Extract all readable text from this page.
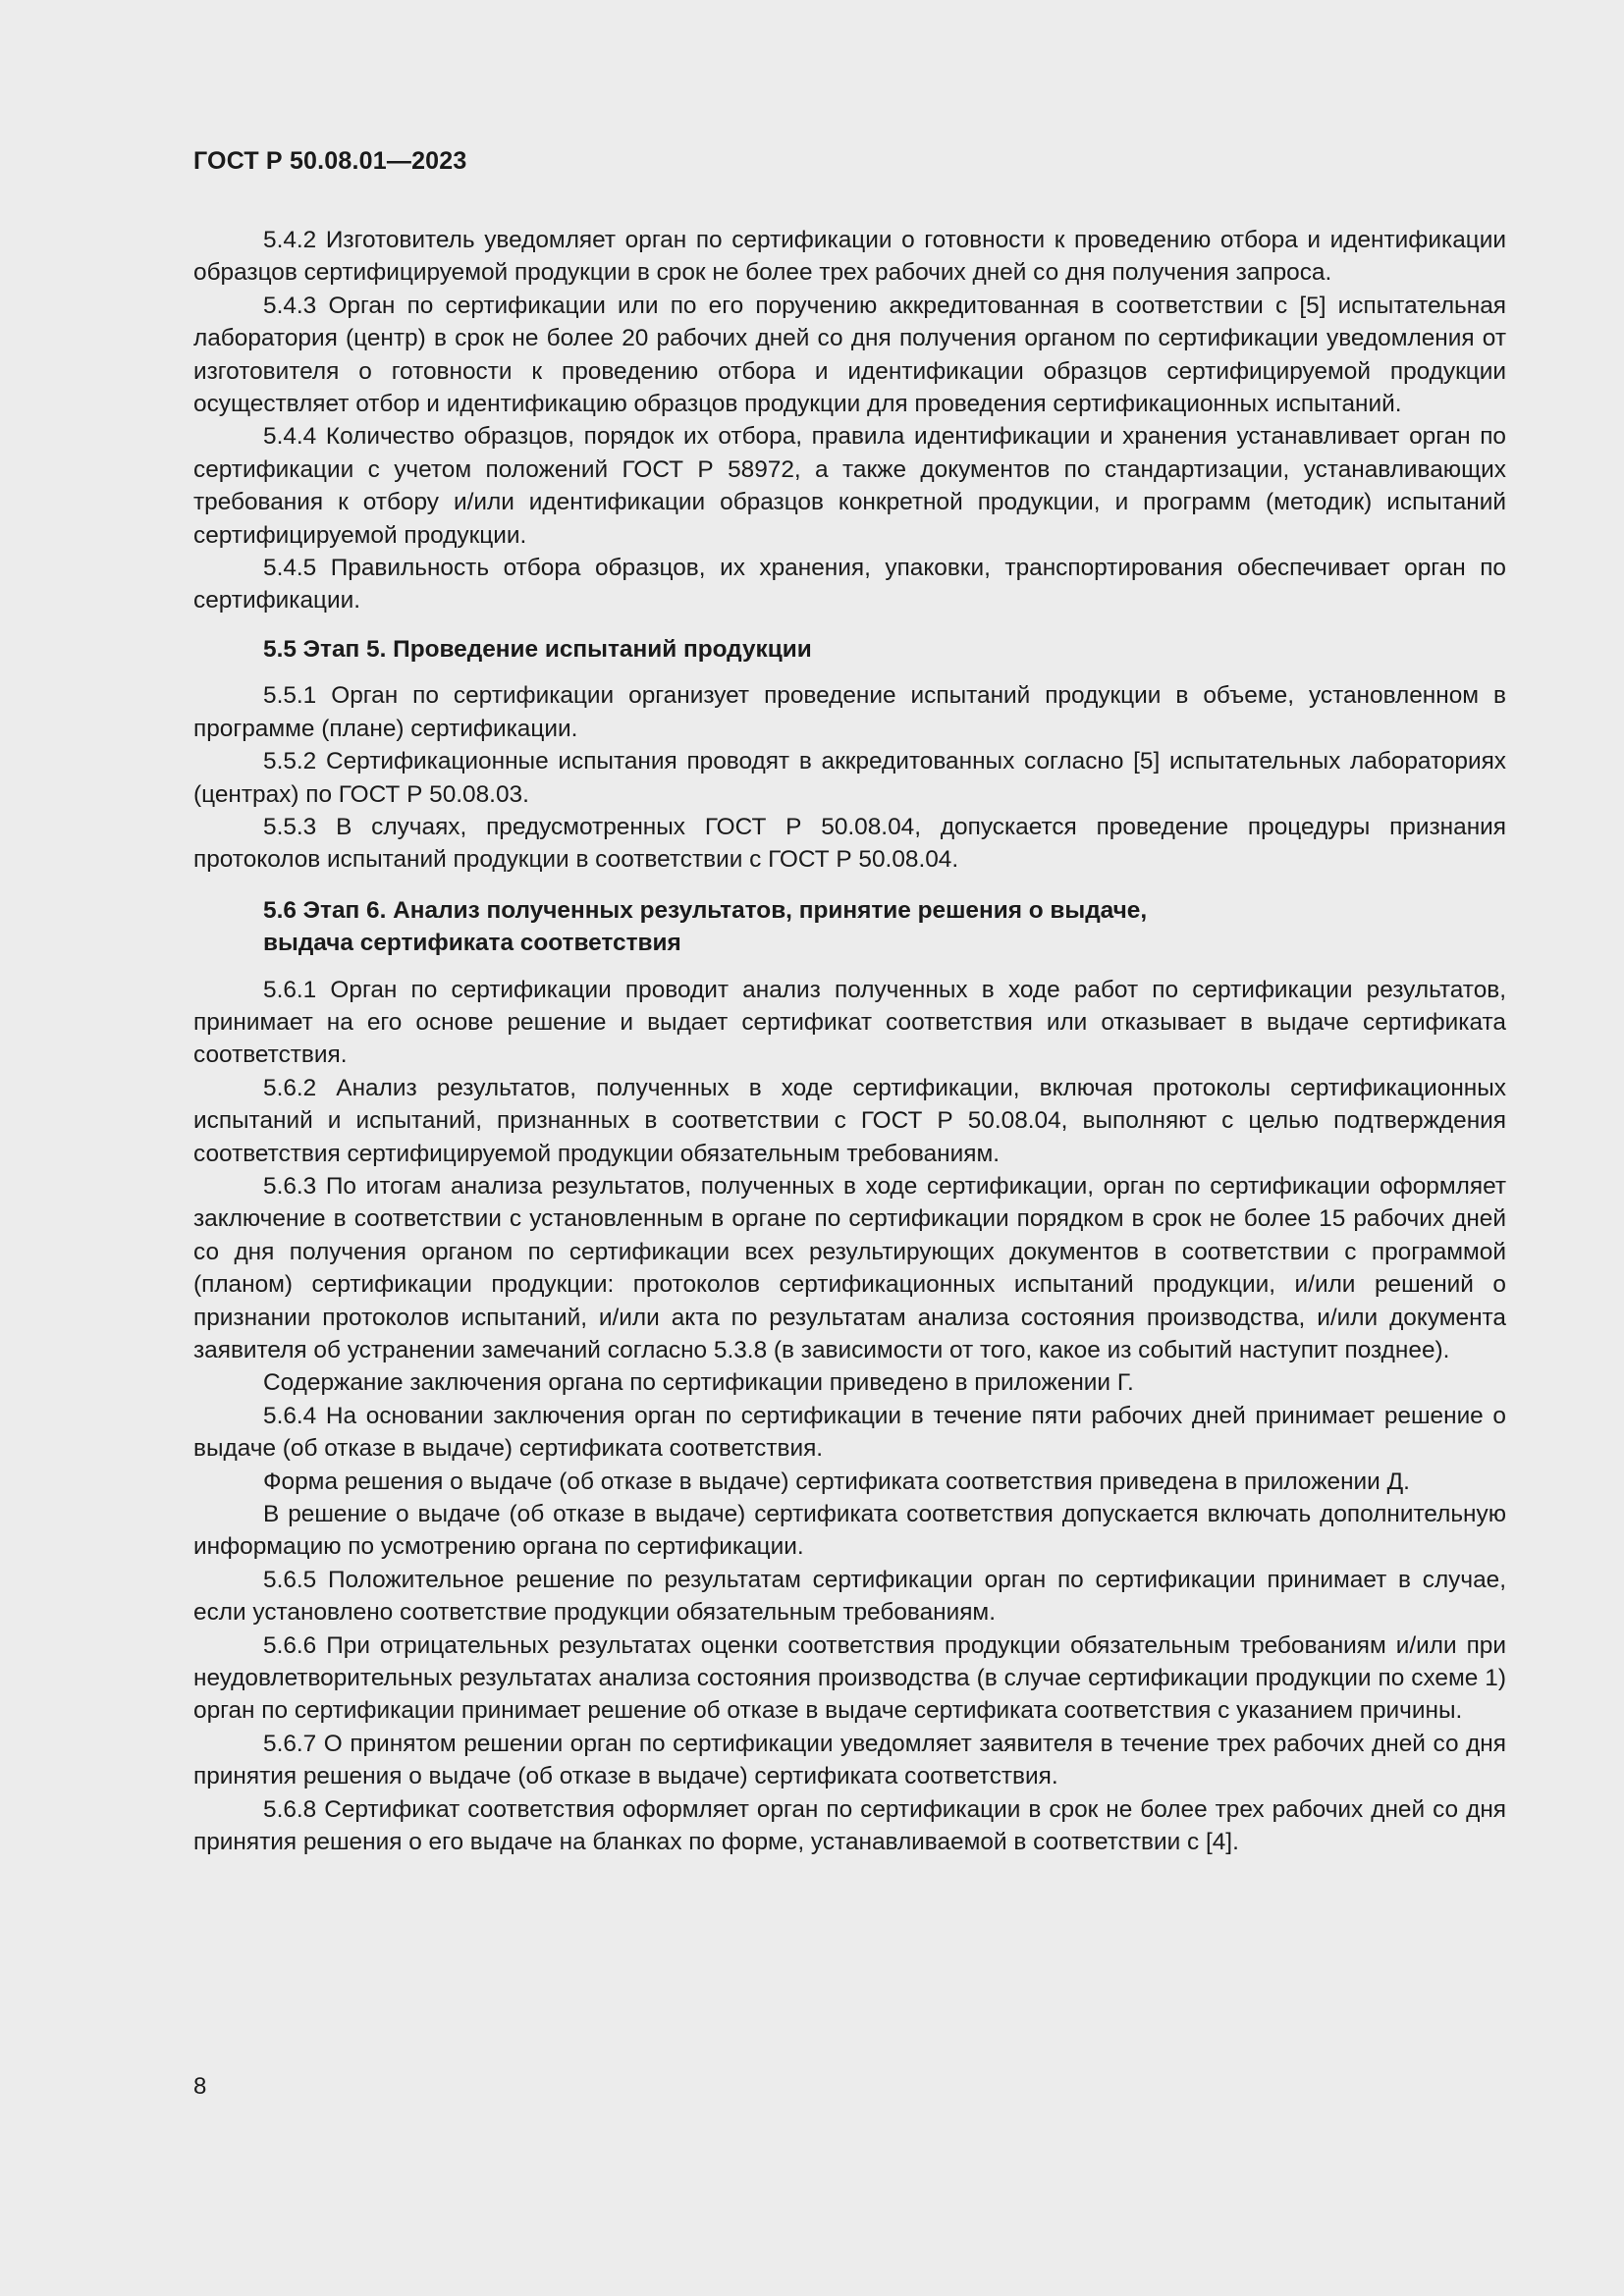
ГОСТ Р 50.08.01—2023

5.4.2 Изготовитель уведомляет орган по сертификации о готовности к проведению отбора и идентификации образцов сертифицируемой продукции в срок не более трех рабочих дней со дня получения запроса.

5.4.3 Орган по сертификации или по его поручению аккредитованная в соответствии с [5] испытательная лаборатория (центр) в срок не более 20 рабочих дней со дня получения органом по сертификации уведомления от изготовителя о готовности к проведению отбора и идентификации образцов сертифицируемой продукции осуществляет отбор и идентификацию образцов продукции для проведения сертификационных испытаний.

5.4.4 Количество образцов, порядок их отбора, правила идентификации и хранения устанавливает орган по сертификации с учетом положений ГОСТ Р 58972, а также документов по стандартизации, устанавливающих требования к отбору и/или идентификации образцов конкретной продукции, и программ (методик) испытаний сертифицируемой продукции.

5.4.5 Правильность отбора образцов, их хранения, упаковки, транспортирования обеспечивает орган по сертификации.

5.5 Этап 5. Проведение испытаний продукции

5.5.1 Орган по сертификации организует проведение испытаний продукции в объеме, установленном в программе (плане) сертификации.

5.5.2 Сертификационные испытания проводят в аккредитованных согласно [5] испытательных лабораториях (центрах) по ГОСТ Р 50.08.03.

5.5.3 В случаях, предусмотренных ГОСТ Р 50.08.04, допускается проведение процедуры признания протоколов испытаний продукции в соответствии с ГОСТ Р 50.08.04.

5.6 Этап 6. Анализ полученных результатов, принятие решения о выдаче,
выдача сертификата соответствия

5.6.1 Орган по сертификации проводит анализ полученных в ходе работ по сертификации результатов, принимает на его основе решение и выдает сертификат соответствия или отказывает в выдаче сертификата соответствия.

5.6.2 Анализ результатов, полученных в ходе сертификации, включая протоколы сертификационных испытаний и испытаний, признанных в соответствии с ГОСТ Р 50.08.04, выполняют с целью подтверждения соответствия сертифицируемой продукции обязательным требованиям.

5.6.3 По итогам анализа результатов, полученных в ходе сертификации, орган по сертификации оформляет заключение в соответствии с установленным в органе по сертификации порядком в срок не более 15 рабочих дней со дня получения органом по сертификации всех результирующих документов в соответствии с программой (планом) сертификации продукции: протоколов сертификационных испытаний продукции, и/или решений о признании протоколов испытаний, и/или акта по результатам анализа состояния производства, и/или документа заявителя об устранении замечаний согласно 5.3.8 (в зависимости от того, какое из событий наступит позднее).

Содержание заключения органа по сертификации приведено в приложении Г.

5.6.4 На основании заключения орган по сертификации в течение пяти рабочих дней принимает решение о выдаче (об отказе в выдаче) сертификата соответствия.

Форма решения о выдаче (об отказе в выдаче) сертификата соответствия приведена в приложении Д.

В решение о выдаче (об отказе в выдаче) сертификата соответствия допускается включать дополнительную информацию по усмотрению органа по сертификации.

5.6.5 Положительное решение по результатам сертификации орган по сертификации принимает в случае, если установлено соответствие продукции обязательным требованиям.

5.6.6 При отрицательных результатах оценки соответствия продукции обязательным требованиям и/или при неудовлетворительных результатах анализа состояния производства (в случае сертификации продукции по схеме 1) орган по сертификации принимает решение об отказе в выдаче сертификата соответствия с указанием причины.

5.6.7 О принятом решении орган по сертификации уведомляет заявителя в течение трех рабочих дней со дня принятия решения о выдаче (об отказе в выдаче) сертификата соответствия.

5.6.8 Сертификат соответствия оформляет орган по сертификации в срок не более трех рабочих дней со дня принятия решения о его выдаче на бланках по форме, устанавливаемой в соответствии с [4].

8
